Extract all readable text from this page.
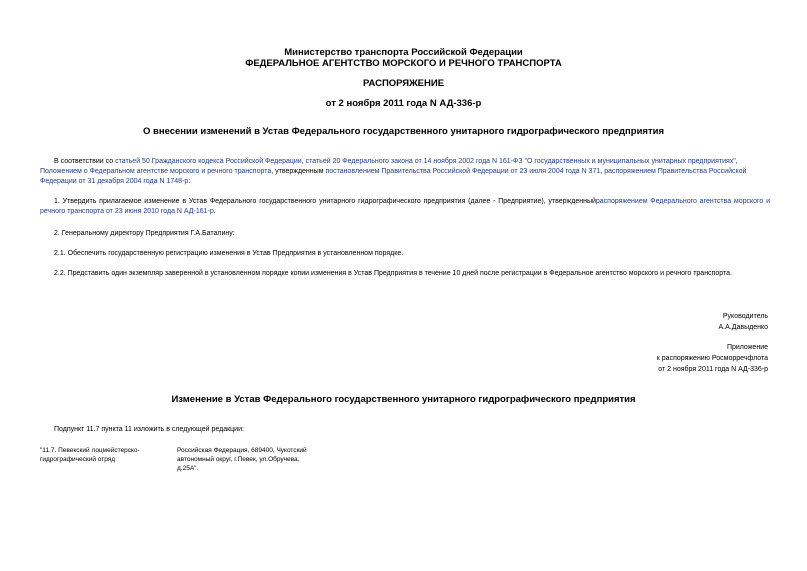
Министерство транспорта Российской Федерации
ФЕДЕРАЛЬНОЕ АГЕНТСТВО МОРСКОГО И РЕЧНОГО ТРАНСПОРТА
РАСПОРЯЖЕНИЕ
от 2 ноября 2011 года N АД-336-р
О внесении изменений в Устав Федерального государственного унитарного гидрографического предприятия
В соответствии со статьей 50 Гражданского кодекса Российской Федерации, статьей 20 Федерального закона от 14 ноября 2002 года N 161-ФЗ "О государственных и муниципальных унитарных предприятиях", Положением о Федеральном агентстве морского и речного транспорта, утвержденным постановлением Правительства Российской Федерации от 23 июля 2004 года N 371, распоряжением Правительства Российской Федерации от 31 декабря 2004 года N 1748-р:
1. Утвердить прилагаемое изменение в Устав Федерального государственного унитарного гидрографического предприятия (далее - Предприятие), утвержденныйраспоряжением Федерального агентства морского и речного транспорта от 23 июня 2010 года N АД-161-р.
2. Генеральному директору Предприятия Г.А.Баталину:
2.1. Обеспечить государственную регистрацию изменения в Устав Предприятия в установленном порядке.
2.2. Представить один экземпляр заверенной в установленном порядке копии изменения в Устав Предприятия в течение 10 дней после регистрации в Федеральное агентство морского и речного транспорта.
Руководитель
А.А.Давыденко
Приложение
к распоряжению Росморречфлота
от 2 ноября 2011 года N АД-336-р
Изменение в Устав Федерального государственного унитарного гидрографического предприятия
Подпункт 11.7 пункта 11 изложить в следующей редакции:
"11.7. Певекский лоцмейстерско-
гидрографический отряд
Российская Федерация, 689400, Чукотский
автономный округ, г.Певек, ул.Обручева,
д.25А".
